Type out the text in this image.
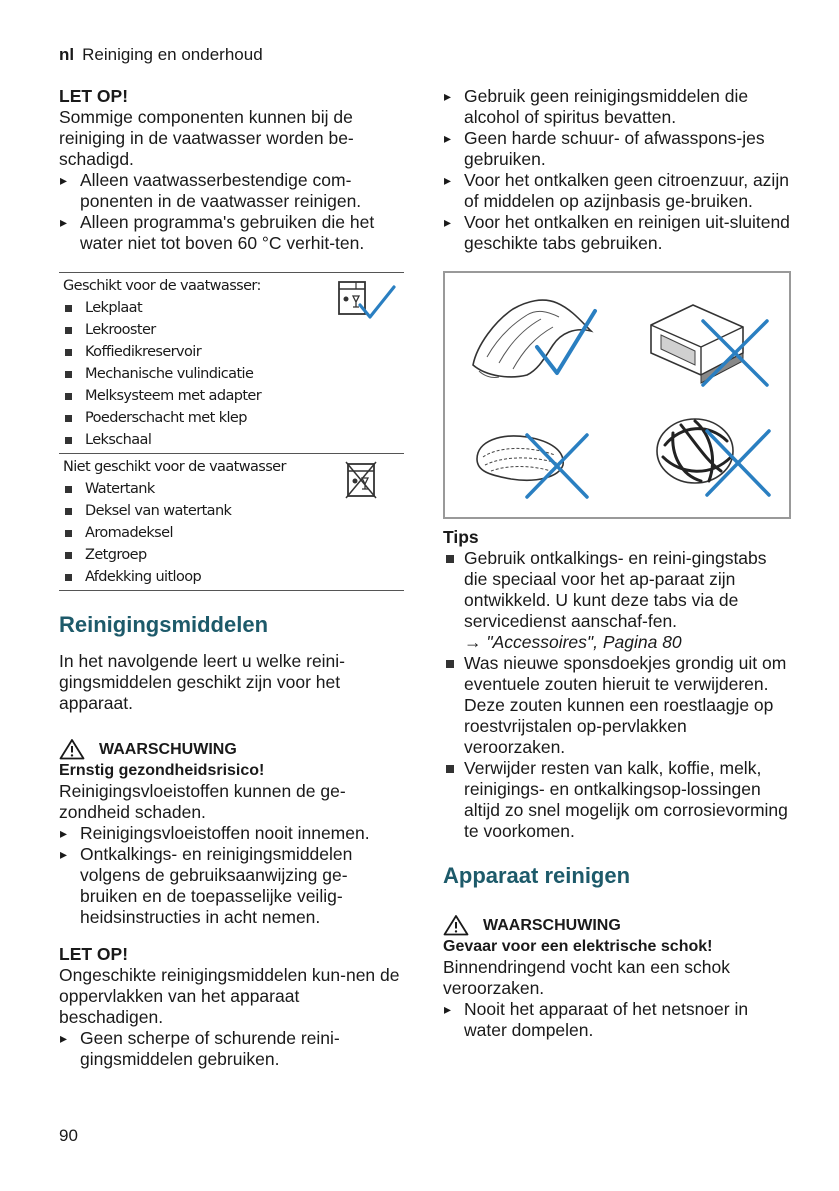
nl Reiniging en onderhoud

LET OP!

Sommige componenten kunnen bij de reiniging in de vaatwasser worden be-schadigd.

▸ Alleen vaatwasserbestendige com-ponenten in de vaatwasser reinigen.
▸ Alleen programma's gebruiken die het water niet tot boven 60 °C verhit-ten.
Geschikt voor de vaatwasser:
Lekplaat
Lekrooster
Koffiedikreservoir
Mechanische vulindicatie
Melksysteem met adapter
Poederschacht met klep
Lekschaal
Niet geschikt voor de vaatwasser
Watertank
Deksel van watertank
Aromadeksel
Zetgroep
Afdekking uitloop
Reinigingsmiddelen

In het navolgende leert u welke reini-gingsmiddelen geschikt zijn voor het apparaat.

WAARSCHUWING

Ernstig gezondheidsrisico!

Reinigingsvloeistoffen kunnen de ge-zondheid schaden.

▸ Reinigingsvloeistoffen nooit innemen.
▸ Ontkalkings- en reinigingsmiddelen volgens de gebruiksaanwijzing ge-bruiken en de toepasselijke veilig-heidsinstructies in acht nemen.

LET OP!

Ongeschikte reinigingsmiddelen kun-nen de oppervlakken van het apparaat beschadigen.

▸ Geen scherpe of schurende reini-gingsmiddelen gebruiken.
▸ Gebruik geen reinigingsmiddelen die alcohol of spiritus bevatten.
▸ Geen harde schuur- of afwasspons-jes gebruiken.
▸ Voor het ontkalken geen citroenzuur, azijn of middelen op azijnbasis ge-bruiken.
▸ Voor het ontkalken en reinigen uit-sluitend geschikte tabs gebruiken.

Tips

Gebruik ontkalkings- en reini-gingstabs die speciaal voor het ap-paraat zijn ontwikkeld. U kunt deze tabs via de servicedienst aanschaf-fen.
→ "Accessoires", Pagina 80
Was nieuwe sponsdoekjes grondig uit om eventuele zouten hieruit te verwijderen. Deze zouten kunnen een roestlaagje op roestvrijstalen op-pervlakken veroorzaken.
Verwijder resten van kalk, koffie, melk, reinigings- en ontkalkingsop-lossingen altijd zo snel mogelijk om corrosievorming te voorkomen.
Apparaat reinigen
WAARSCHUWING

Gevaar voor een elektrische schok!

Binnendringend vocht kan een schok veroorzaken.

▸ Nooit het apparaat of het netsnoer in water dompelen.
90
